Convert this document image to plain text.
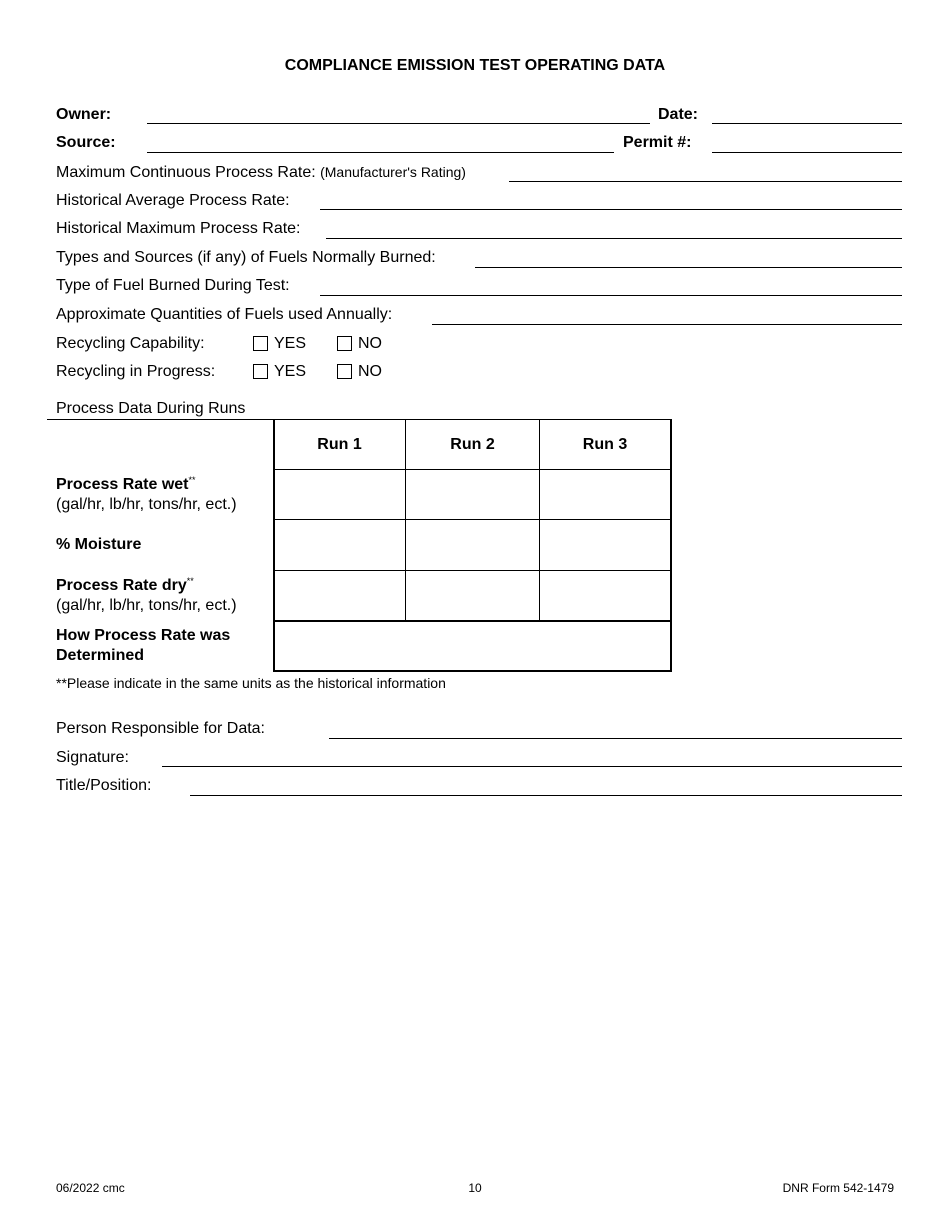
COMPLIANCE EMISSION TEST OPERATING DATA
Owner:	Date:
Source:	Permit #:
Maximum Continuous Process Rate: (Manufacturer's Rating)
Historical Average Process Rate:
Historical Maximum Process Rate:
Types and Sources (if any) of Fuels Normally Burned:
Type of Fuel Burned During Test:
Approximate Quantities of Fuels used Annually:
Recycling Capability:	YES	NO
Recycling in Progress:	YES	NO
Process Data During Runs
Run 1	Run 2	Run 3
Process Rate wet**
(gal/hr, lb/hr, tons/hr, ect.)
% Moisture
Process Rate dry**
(gal/hr, lb/hr, tons/hr, ect.)
How Process Rate was
Determined
**Please indicate in the same units as the historical information
Person Responsible for Data:
Signature:
Title/Position:
06/2022 cmc	10	DNR Form 542-1479
